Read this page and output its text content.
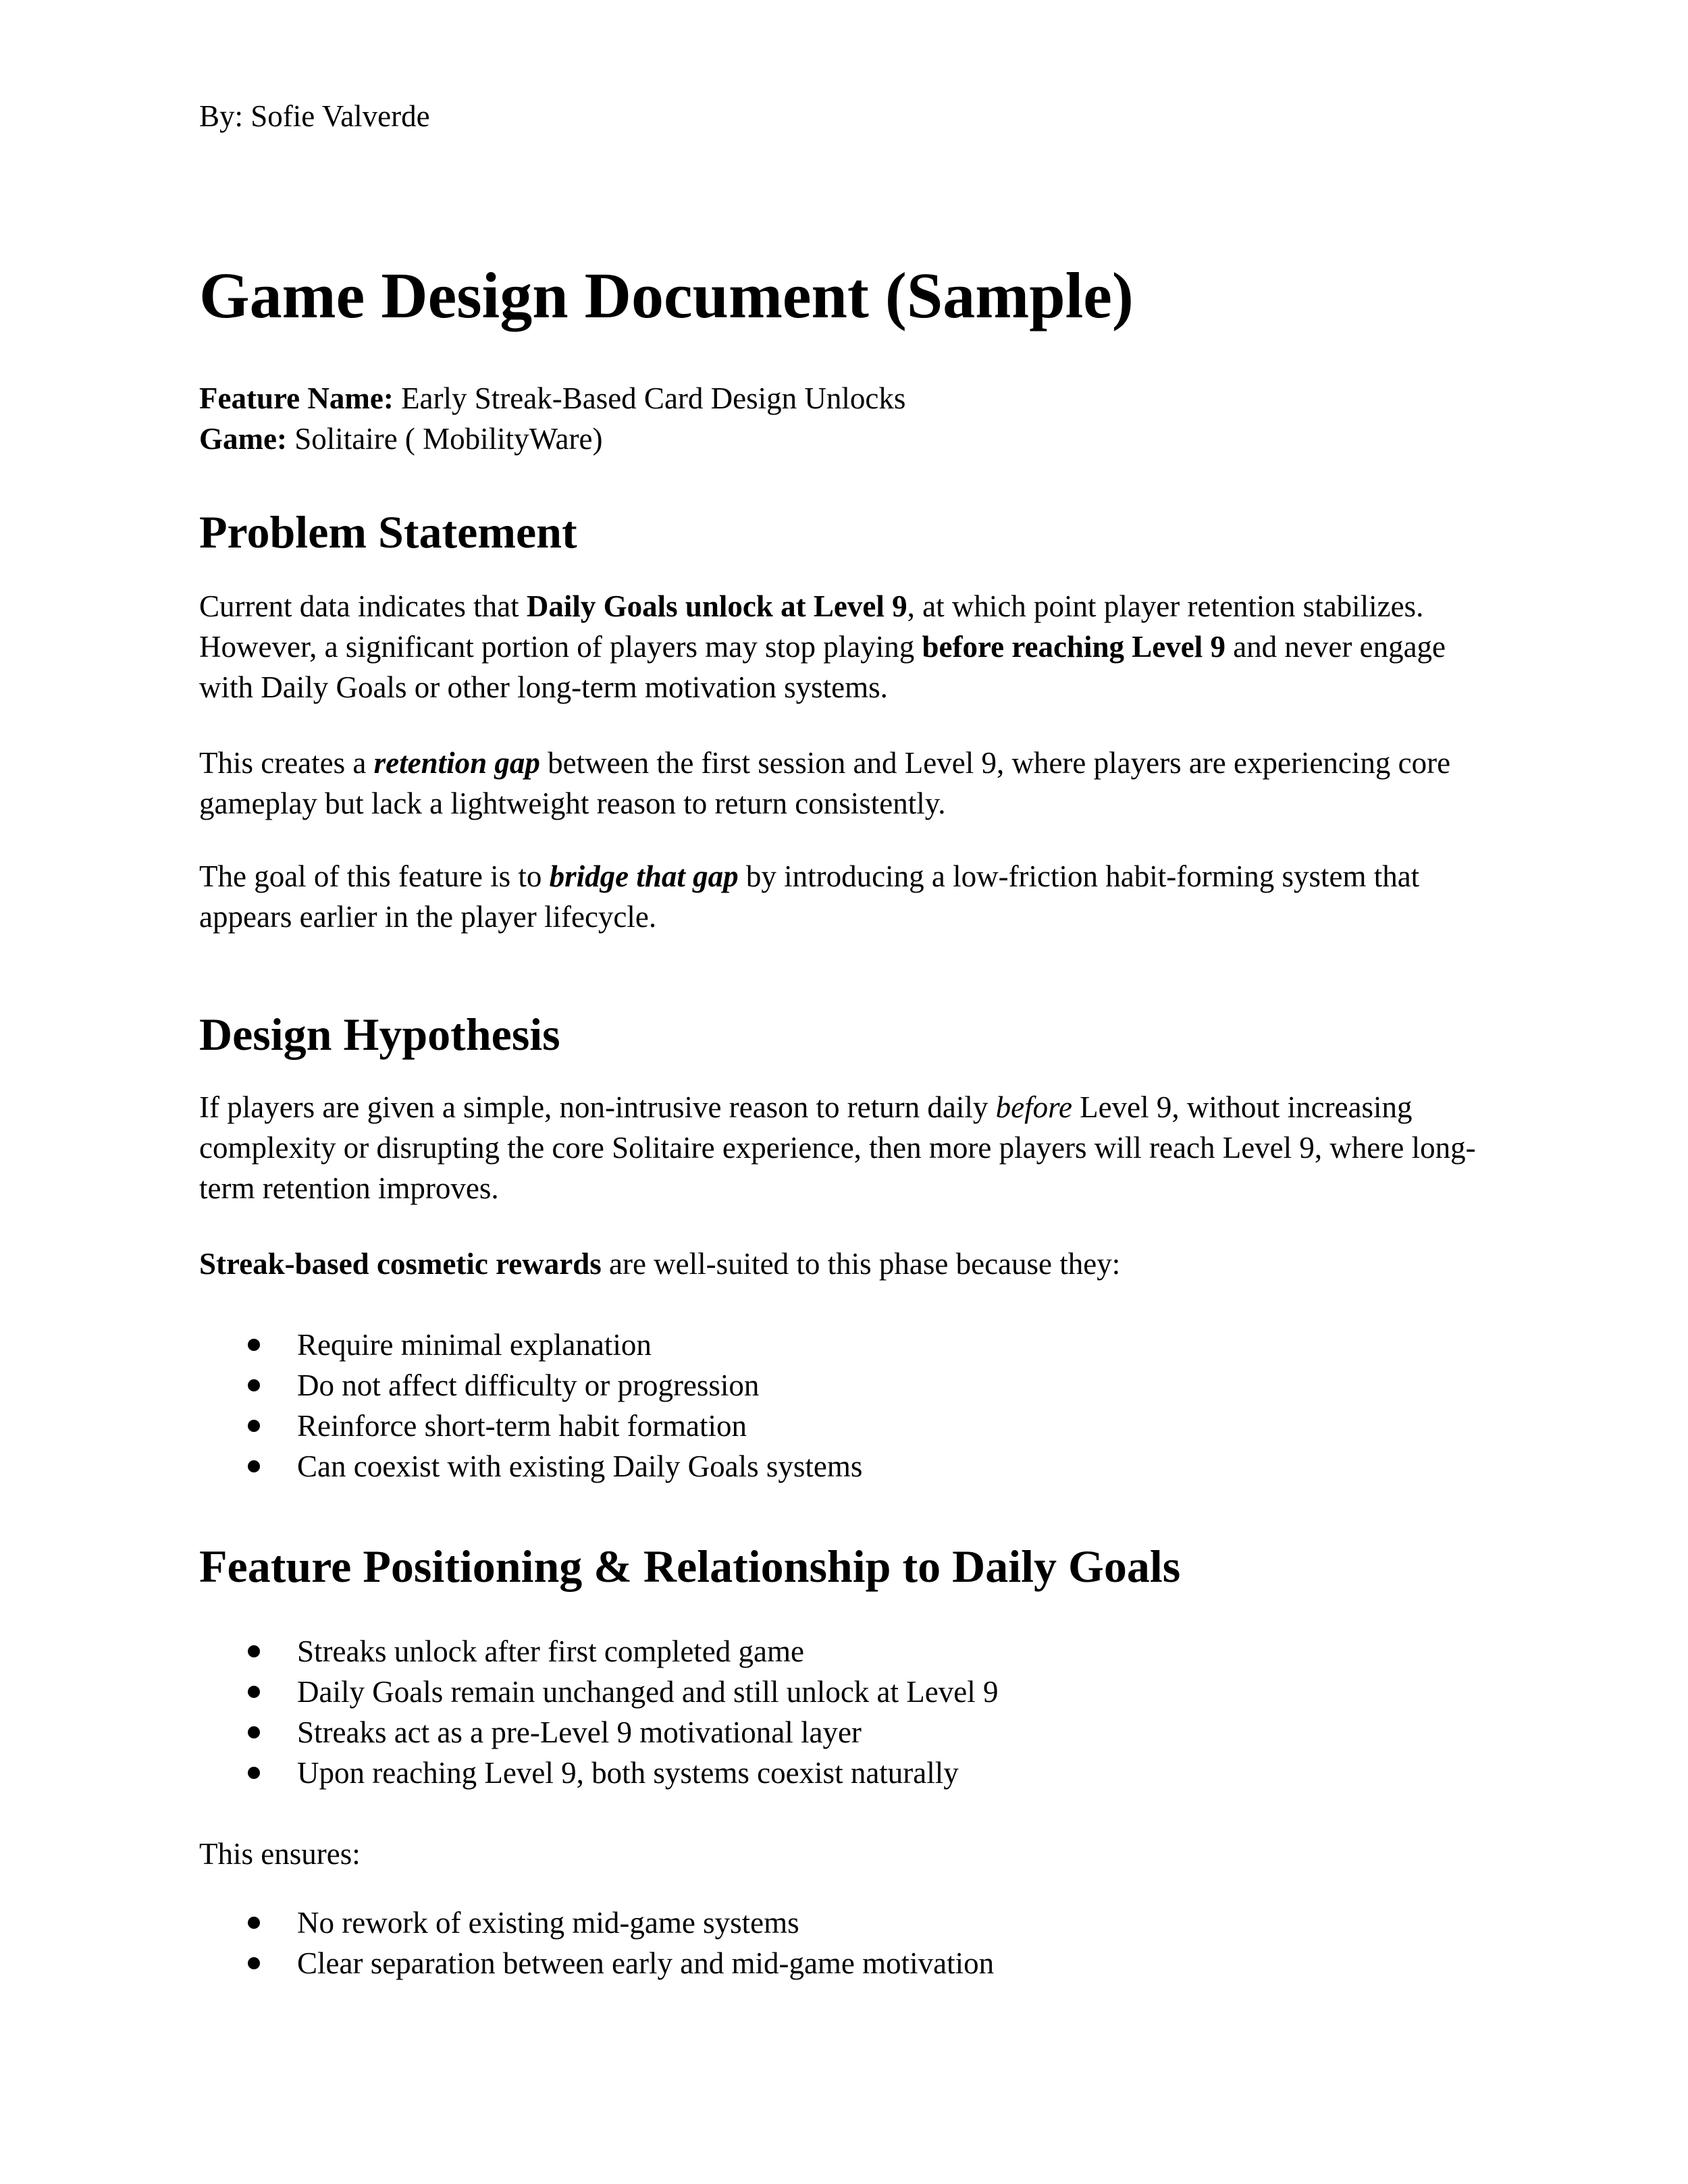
By: Sofie Valverde

Game Design Document (Sample)

Feature Name: Early Streak-Based Card Design Unlocks

Game: Solitaire ( MobilityWare)

Problem Statement

Current data indicates that Daily Goals unlock at Level 9, at which point player retention stabilizes. However, a significant portion of players may stop playing before reaching Level 9 and never engage with Daily Goals or other long-term motivation systems.

This creates a retention gap between the first session and Level 9, where players are experiencing core gameplay but lack a lightweight reason to return consistently.

The goal of this feature is to bridge that gap by introducing a low-friction habit-forming system that appears earlier in the player lifecycle.

Design Hypothesis

If players are given a simple, non-intrusive reason to return daily before Level 9, without increasing complexity or disrupting the core Solitaire experience, then more players will reach Level 9, where long-term retention improves.

Streak-based cosmetic rewards are well-suited to this phase because they:

Require minimal explanation
Do not affect difficulty or progression
Reinforce short-term habit formation
Can coexist with existing Daily Goals systems
Feature Positioning & Relationship to Daily Goals
Streaks unlock after first completed game
Daily Goals remain unchanged and still unlock at Level 9
Streaks act as a pre-Level 9 motivational layer
Upon reaching Level 9, both systems coexist naturally

This ensures:

No rework of existing mid-game systems
Clear separation between early and mid-game motivation
